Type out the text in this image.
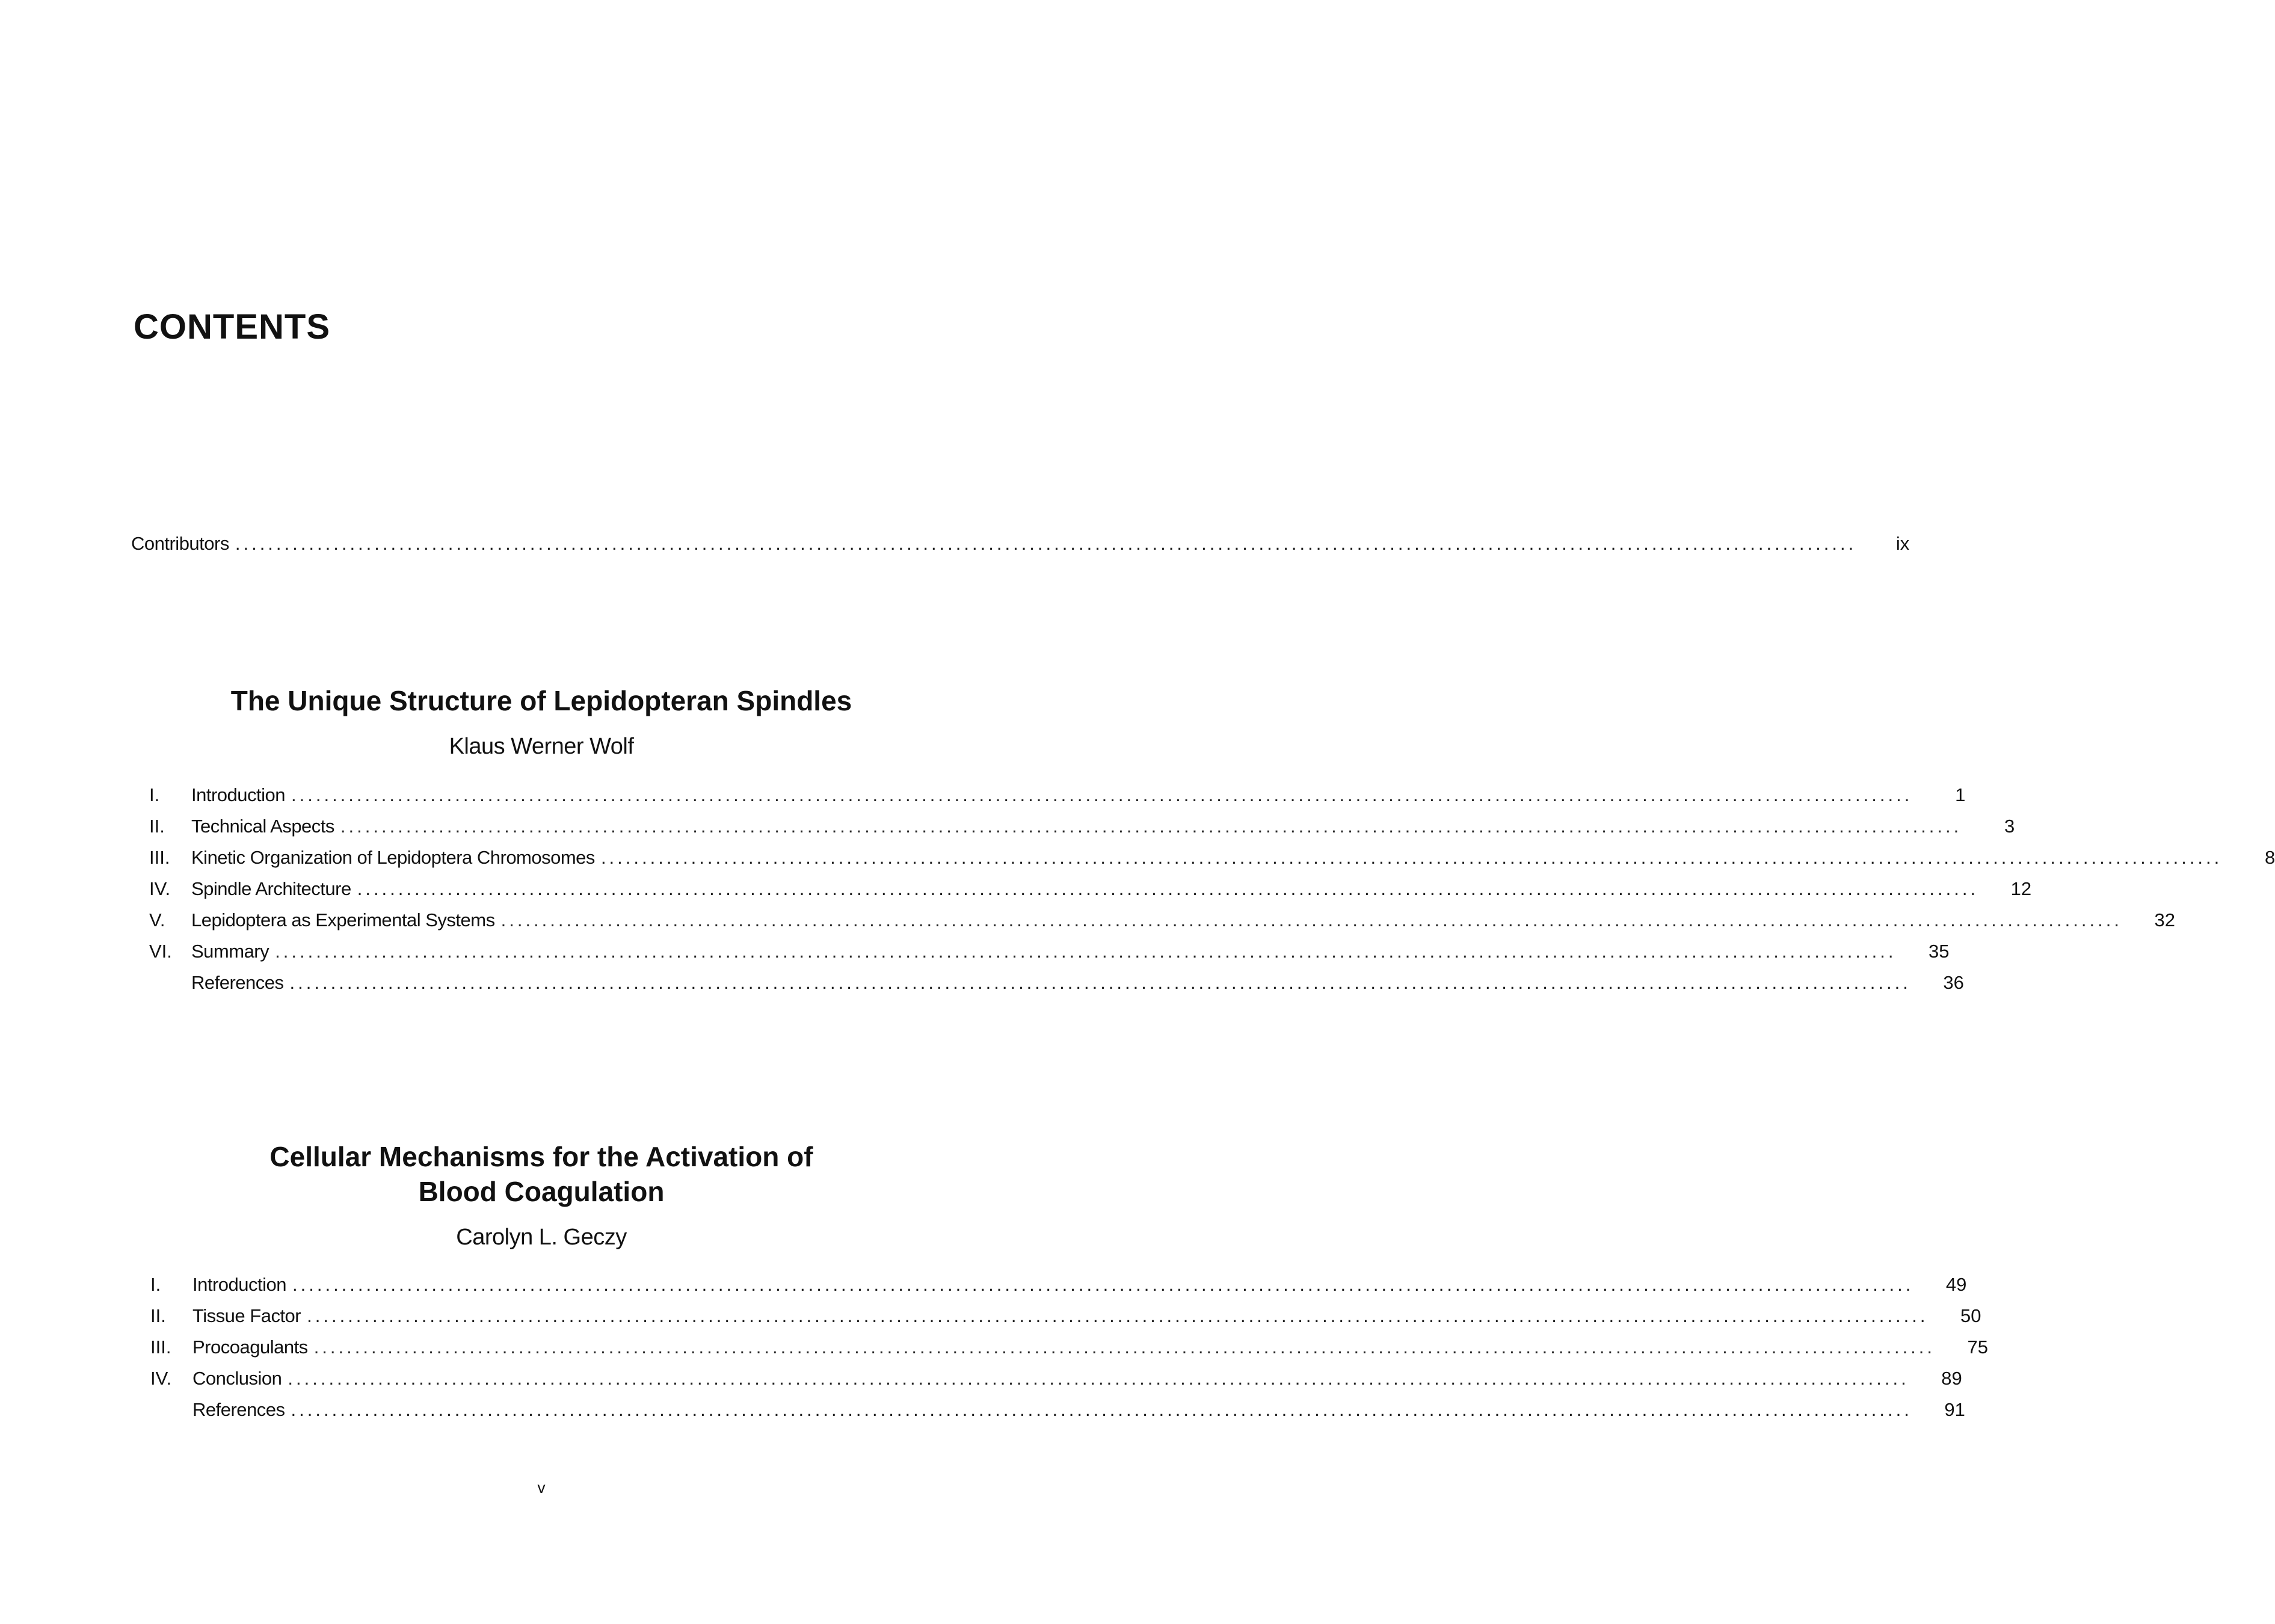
CONTENTS
Contributors ......................................................................................................................................................................................................	ix
The Unique Structure of Lepidopteran Spindles

Klaus Werner Wolf

I.	Introduction ......................................................................................................................................................................................................	1
II.	Technical Aspects ......................................................................................................................................................................................................	3
III.	Kinetic Organization of Lepidoptera Chromosomes ......................................................................................................................................................................................................	8
IV.	Spindle Architecture ......................................................................................................................................................................................................	12
V.	Lepidoptera as Experimental Systems ......................................................................................................................................................................................................	32
VI.	Summary ......................................................................................................................................................................................................	35
References ......................................................................................................................................................................................................	36
Cellular Mechanisms for the Activation of
Blood Coagulation

Carolyn L. Geczy

I.	Introduction ......................................................................................................................................................................................................	49
II.	Tissue Factor ......................................................................................................................................................................................................	50
III.	Procoagulants ......................................................................................................................................................................................................	75
IV.	Conclusion ......................................................................................................................................................................................................	89
References ......................................................................................................................................................................................................	91
v
